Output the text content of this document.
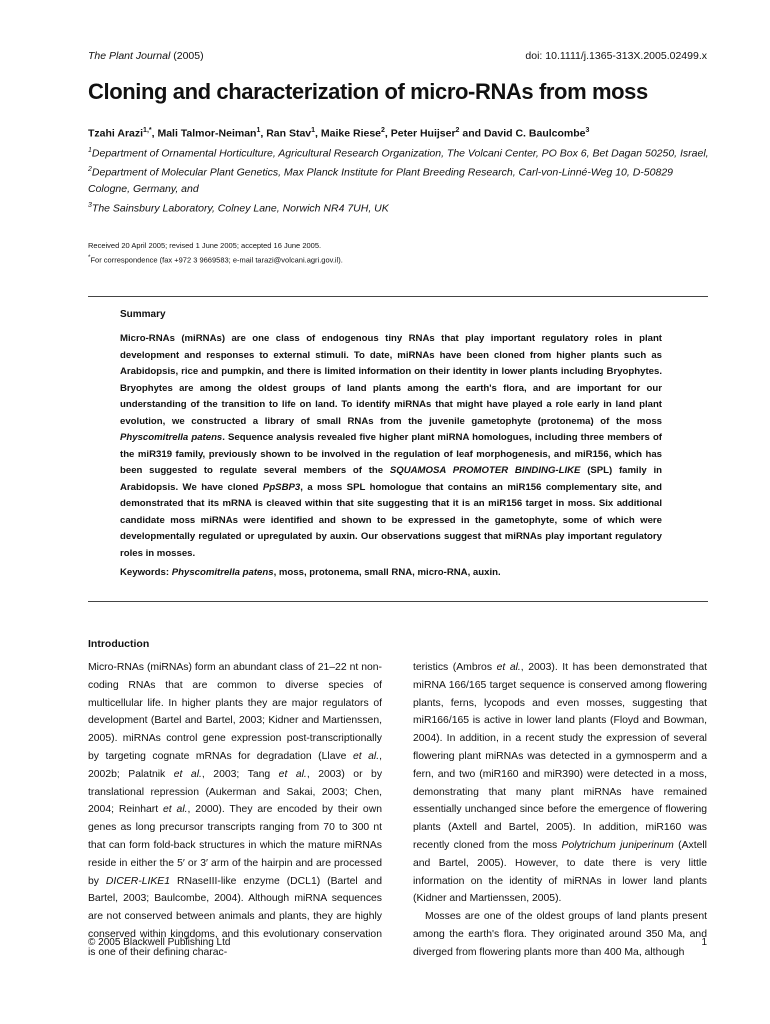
The Plant Journal (2005)	doi: 10.1111/j.1365-313X.2005.02499.x
Cloning and characterization of micro-RNAs from moss
Tzahi Arazi$^{1,*}$, Mali Talmor-Neiman$^1$, Ran Stav$^1$, Maike Riese$^2$, Peter Huijser$^2$ and David C. Baulcombe$^3$
$^1$Department of Ornamental Horticulture, Agricultural Research Organization, The Volcani Center, PO Box 6, Bet Dagan 50250, Israel,
$^2$Department of Molecular Plant Genetics, Max Planck Institute for Plant Breeding Research, Carl-von-Linné-Weg 10, D-50829 Cologne, Germany, and
$^3$The Sainsbury Laboratory, Colney Lane, Norwich NR4 7UH, UK
Received 20 April 2005; revised 1 June 2005; accepted 16 June 2005.
*For correspondence (fax +972 3 9669583; e-mail tarazi@volcani.agri.gov.il).
Summary

Micro-RNAs (miRNAs) are one class of endogenous tiny RNAs that play important regulatory roles in plant development and responses to external stimuli. To date, miRNAs have been cloned from higher plants such as Arabidopsis, rice and pumpkin, and there is limited information on their identity in lower plants including Bryophytes. Bryophytes are among the oldest groups of land plants among the earth's flora, and are important for our understanding of the transition to life on land. To identify miRNAs that might have played a role early in land plant evolution, we constructed a library of small RNAs from the juvenile gametophyte (protonema) of the moss Physcomitrella patens. Sequence analysis revealed five higher plant miRNA homologues, including three members of the miR319 family, previously shown to be involved in the regulation of leaf morphogenesis, and miR156, which has been suggested to regulate several members of the SQUAMOSA PROMOTER BINDING-LIKE (SPL) family in Arabidopsis. We have cloned PpSBP3, a moss SPL homologue that contains an miR156 complementary site, and demonstrated that its mRNA is cleaved within that site suggesting that it is an miR156 target in moss. Six additional candidate moss miRNAs were identified and shown to be expressed in the gametophyte, some of which were developmentally regulated or upregulated by auxin. Our observations suggest that miRNAs play important regulatory roles in mosses.

Keywords: Physcomitrella patens, moss, protonema, small RNA, micro-RNA, auxin.
Introduction

Micro-RNAs (miRNAs) form an abundant class of 21–22 nt non-coding RNAs that are common to diverse species of multicellular life. In higher plants they are major regulators of development (Bartel and Bartel, 2003; Kidner and Martienssen, 2005). miRNAs control gene expression post-transcriptionally by targeting cognate mRNAs for degradation (Llave et al., 2002b; Palatnik et al., 2003; Tang et al., 2003) or by translational repression (Aukerman and Sakai, 2003; Chen, 2004; Reinhart et al., 2000). They are encoded by their own genes as long precursor transcripts ranging from 70 to 300 nt that can form fold-back structures in which the mature miRNAs reside in either the 5′ or 3′ arm of the hairpin and are processed by DICER-LIKE1 RNaseIII-like enzyme (DCL1) (Bartel and Bartel, 2003; Baulcombe, 2004). Although miRNA sequences are not conserved between animals and plants, they are highly conserved within kingdoms, and this evolutionary conservation is one of their defining charac-

teristics (Ambros et al., 2003). It has been demonstrated that miRNA 166/165 target sequence is conserved among flowering plants, ferns, lycopods and even mosses, suggesting that miR166/165 is active in lower land plants (Floyd and Bowman, 2004). In addition, in a recent study the expression of several flowering plant miRNAs was detected in a gymnosperm and a fern, and two (miR160 and miR390) were detected in a moss, demonstrating that many plant miRNAs have remained essentially unchanged since before the emergence of flowering plants (Axtell and Bartel, 2005). In addition, miR160 was recently cloned from the moss Polytrichum juniperinum (Axtell and Bartel, 2005). However, to date there is very little information on the identity of miRNAs in lower land plants (Kidner and Martienssen, 2005).
Mosses are one of the oldest groups of land plants present among the earth's flora. They originated around 350 Ma, and diverged from flowering plants more than 400 Ma, although

© 2005 Blackwell Publishing Ltd	1
